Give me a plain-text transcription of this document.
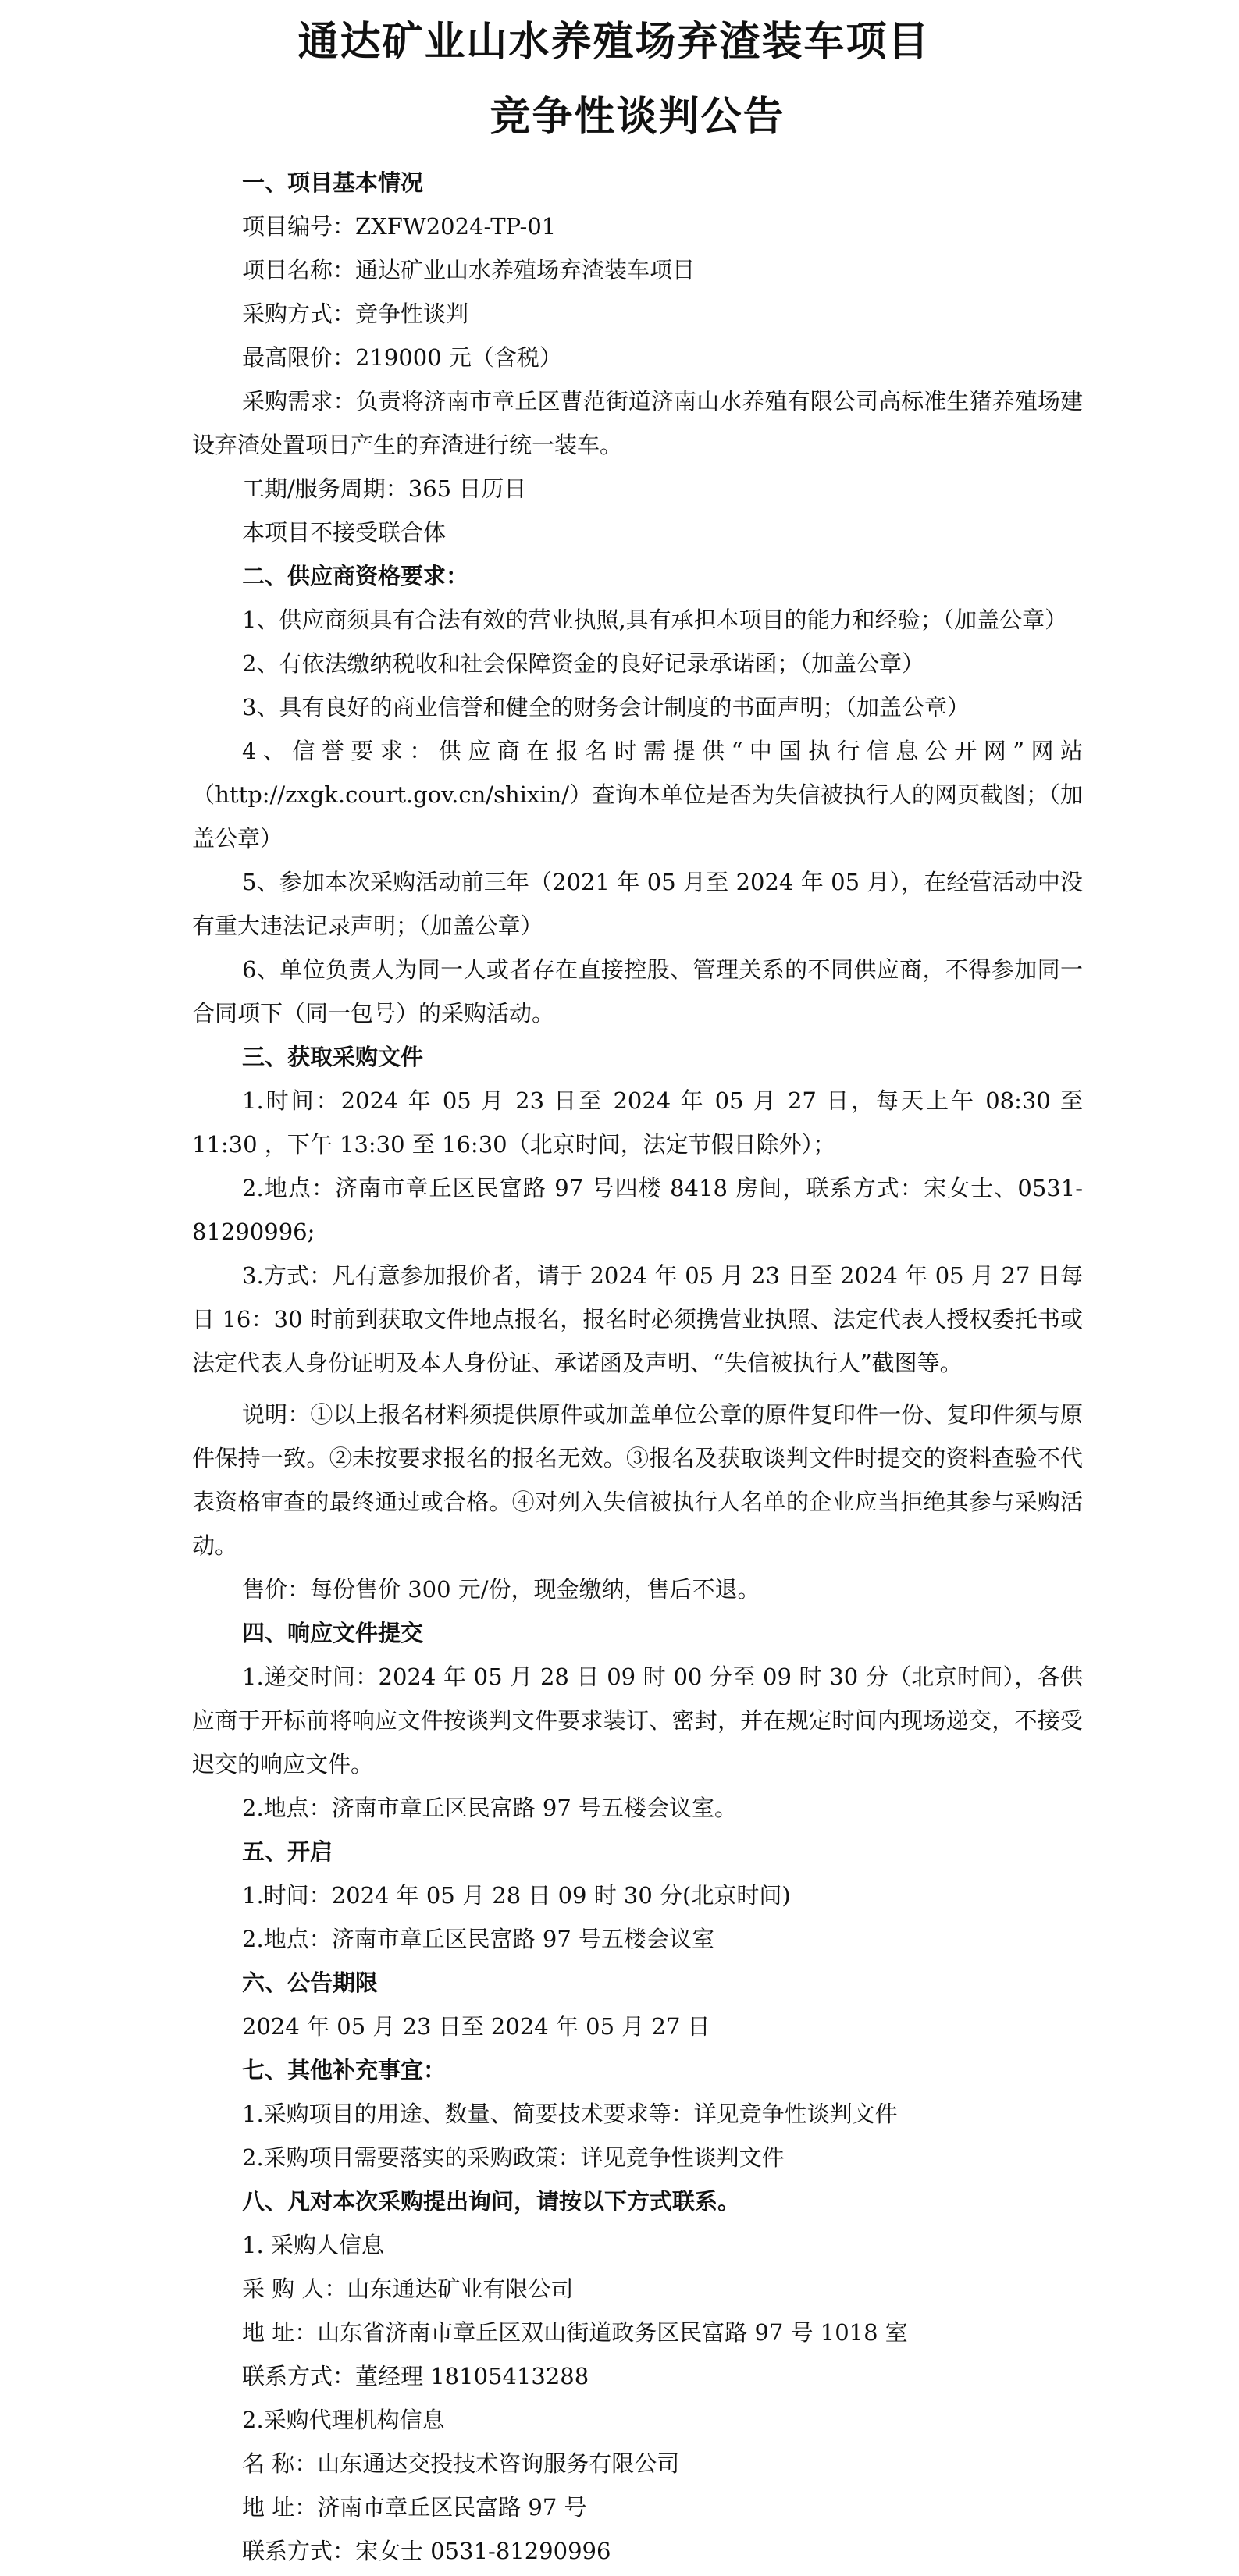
通达矿业山水养殖场弃渣装车项目
竞争性谈判公告

一、项目基本情况

项目编号：ZXFW2024-TP-01

项目名称：通达矿业山水养殖场弃渣装车项目

采购方式：竞争性谈判

最高限价：219000 元（含税）

采购需求：负责将济南市章丘区曹范街道济南山水养殖有限公司高标准生猪养殖场建设弃渣处置项目产生的弃渣进行统一装车。

工期/服务周期：365 日历日

本项目不接受联合体

二、供应商资格要求：

1、供应商须具有合法有效的营业执照,具有承担本项目的能力和经验；（加盖公章）

2、有依法缴纳税收和社会保障资金的良好记录承诺函；（加盖公章）

3、具有良好的商业信誉和健全的财务会计制度的书面声明；（加盖公章）

4、信誉要求：供应商在报名时需提供“中国执行信息公开网”网站（http://zxgk.court.gov.cn/shixin/）查询本单位是否为失信被执行人的网页截图；（加盖公章）

5、参加本次采购活动前三年（2021 年 05 月至 2024 年 05 月），在经营活动中没有重大违法记录声明；（加盖公章）

6、单位负责人为同一人或者存在直接控股、管理关系的不同供应商，不得参加同一合同项下（同一包号）的采购活动。

三、获取采购文件

1.时间：2024 年 05 月 23 日至 2024 年 05 月 27 日，每天上午 08:30 至 11:30 ，下午 13:30 至 16:30（北京时间，法定节假日除外）；

2.地点：济南市章丘区民富路 97 号四楼 8418 房间，联系方式：宋女士、0531-81290996;

3.方式：凡有意参加报价者，请于 2024 年 05 月 23 日至 2024 年 05 月 27 日每日 16：30 时前到获取文件地点报名，报名时必须携营业执照、法定代表人授权委托书或法定代表人身份证明及本人身份证、承诺函及声明、“失信被执行人”截图等。

说明：①以上报名材料须提供原件或加盖单位公章的原件复印件一份、复印件须与原件保持一致。②未按要求报名的报名无效。③报名及获取谈判文件时提交的资料查验不代表资格审查的最终通过或合格。④对列入失信被执行人名单的企业应当拒绝其参与采购活动。

售价：每份售价 300 元/份，现金缴纳，售后不退。

四、响应文件提交

1.递交时间：2024 年 05 月 28 日 09 时 00 分至 09 时 30 分（北京时间），各供应商于开标前将响应文件按谈判文件要求装订、密封，并在规定时间内现场递交，不接受迟交的响应文件。

2.地点：济南市章丘区民富路 97 号五楼会议室。

五、开启

1.时间：2024 年 05 月 28 日 09 时 30 分(北京时间)

2.地点：济南市章丘区民富路 97 号五楼会议室

六、公告期限

2024 年 05 月 23 日至 2024 年 05 月 27 日

七、其他补充事宜：

1.采购项目的用途、数量、简要技术要求等：详见竞争性谈判文件

2.采购项目需要落实的采购政策：详见竞争性谈判文件

八、凡对本次采购提出询问，请按以下方式联系。

1. 采购人信息

采 购 人：山东通达矿业有限公司

地 址：山东省济南市章丘区双山街道政务区民富路 97 号 1018 室

联系方式：董经理 18105413288

2.采购代理机构信息

名 称：山东通达交投技术咨询服务有限公司

地 址：济南市章丘区民富路 97 号

联系方式：宋女士 0531-81290996
